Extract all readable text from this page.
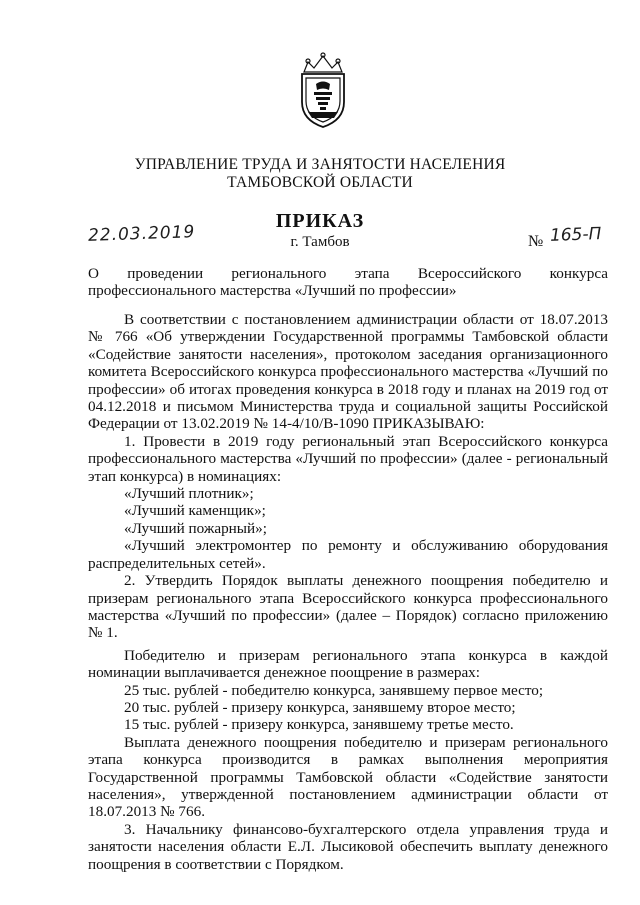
УПРАВЛЕНИЕ ТРУДА И ЗАНЯТОСТИ НАСЕЛЕНИЯ
ТАМБОВСКОЙ ОБЛАСТИ
22.03.2019
ПРИКАЗ
г. Тамбов	№ 165-П
О проведении регионального этапа Всероссийского конкурса профессионального мастерства «Лучший по профессии»

В соответствии с постановлением администрации области от 18.07.2013 № 766 «Об утверждении Государственной программы Тамбовской области «Содействие занятости населения», протоколом заседания организационного комитета Всероссийского конкурса профессионального мастерства «Лучший по профессии» об итогах проведения конкурса в 2018 году и планах на 2019 год от 04.12.2018 и письмом Министерства труда и социальной защиты Российской Федерации от 13.02.2019 № 14-4/10/В-1090 ПРИКАЗЫВАЮ:

1. Провести в 2019 году региональный этап Всероссийского конкурса профессионального мастерства «Лучший по профессии» (далее - региональный этап конкурса) в номинациях:

«Лучший плотник»;

«Лучший каменщик»;

«Лучший пожарный»;

«Лучший электромонтер по ремонту и обслуживанию оборудования распределительных сетей».

2. Утвердить Порядок выплаты денежного поощрения победителю и призерам регионального этапа Всероссийского конкурса профессионального мастерства «Лучший по профессии» (далее – Порядок) согласно приложению № 1.

Победителю и призерам регионального этапа конкурса в каждой номинации выплачивается денежное поощрение в размерах:

25 тыс. рублей - победителю конкурса, занявшему первое место;

20 тыс. рублей - призеру конкурса, занявшему второе место;

15 тыс. рублей - призеру конкурса, занявшему третье место.

Выплата денежного поощрения победителю и призерам регионального этапа конкурса производится в рамках выполнения мероприятия Государственной программы Тамбовской области «Содействие занятости населения», утвержденной постановлением администрации области от 18.07.2013 № 766.

3. Начальнику финансово-бухгалтерского отдела управления труда и занятости населения области Е.Л. Лысиковой обеспечить выплату денежного поощрения в соответствии с Порядком.
